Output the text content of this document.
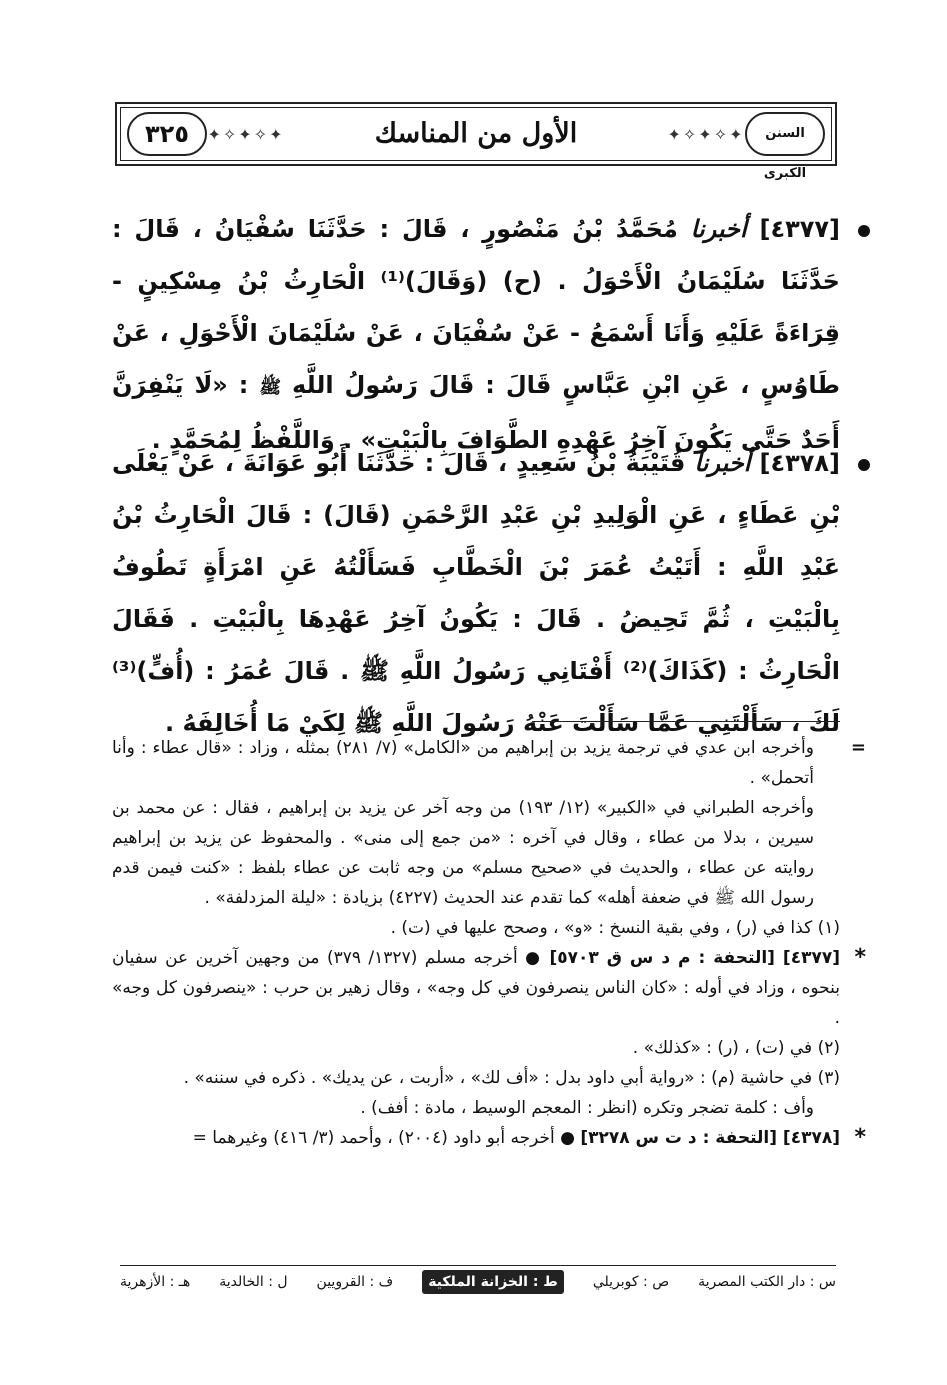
السنن الكبرى
✦✧✦✧✦
الأول من المناسك
✦✧✦✧✦
٣٢٥
[٤٣٧٧] أخبرنا مُحَمَّدُ بْنُ مَنْصُورٍ ، قَالَ : حَدَّثَنَا سُفْيَانُ ، قَالَ : حَدَّثَنَا سُلَيْمَانُ الْأَحْوَلُ . (ح) (وَقَالَ)⁽¹⁾ الْحَارِثُ بْنُ مِسْكِينٍ - قِرَاءَةً عَلَيْهِ وَأَنَا أَسْمَعُ - عَنْ سُفْيَانَ ، عَنْ سُلَيْمَانَ الْأَحْوَلِ ، عَنْ طَاوُسٍ ، عَنِ ابْنِ عَبَّاسٍ قَالَ : قَالَ رَسُولُ اللَّهِ ﷺ : «لَا يَنْفِرَنَّ أَحَدٌ حَتَّى يَكُونَ آخِرُ عَهْدِهِ الطَّوَافَ بِالْبَيْتِ» . وَاللَّفْظُ لِمُحَمَّدٍ .
[٤٣٧٨] أخبرنا قُتَيْبَةُ بْنُ سَعِيدٍ ، قَالَ : حَدَّثَنَا أَبُو عَوَانَةَ ، عَنْ يَعْلَى بْنِ عَطَاءٍ ، عَنِ الْوَلِيدِ بْنِ عَبْدِ الرَّحْمَنِ (قَالَ) : قَالَ الْحَارِثُ بْنُ عَبْدِ اللَّهِ : أَتَيْتُ عُمَرَ بْنَ الْخَطَّابِ فَسَأَلْتُهُ عَنِ امْرَأَةٍ تَطُوفُ بِالْبَيْتِ ، ثُمَّ تَحِيضُ . قَالَ : يَكُونُ آخِرُ عَهْدِهَا بِالْبَيْتِ . فَقَالَ الْحَارِثُ : (كَذَاكَ)⁽²⁾ أَفْتَانِي رَسُولُ اللَّهِ ﷺ . قَالَ عُمَرُ : (أُفٍّ)⁽³⁾ لَكَ ، سَأَلْتَنِي عَمَّا سَأَلْتَ عَنْهُ رَسُولَ اللَّهِ ﷺ لِكَيْ مَا أُخَالِفَهُ .
=
وأخرجه ابن عدي في ترجمة يزيد بن إبراهيم من «الكامل» (٧/ ٢٨١) بمثله ، وزاد : «قال عطاء : وأنا أتحمل» .
وأخرجه الطبراني في «الكبير» (١٢/ ١٩٣) من وجه آخر عن يزيد بن إبراهيم ، فقال : عن محمد بن سيرين ، بدلا من عطاء ، وقال في آخره : «من جمع إلى منى» . والمحفوظ عن يزيد بن إبراهيم روايته عن عطاء ، والحديث في «صحيح مسلم» من وجه ثابت عن عطاء بلفظ : «كنت فيمن قدم رسول الله ﷺ في ضعفة أهله» كما تقدم عند الحديث (٤٢٢٧) بزيادة : «ليلة المزدلفة» .
(١) كذا في (ر) ، وفي بقية النسخ : «و» ، وصحح عليها في (ت) .
*
[٤٣٧٧] [التحفة : م د س ق ٥٧٠٣] ● أخرجه مسلم (١٣٢٧/ ٣٧٩) من وجهين آخرين عن سفيان بنحوه ، وزاد في أوله : «كان الناس ينصرفون في كل وجه» ، وقال زهير بن حرب : «ينصرفون كل وجه» .
(٢) في (ت) ، (ر) : «كذلك» .
(٣) في حاشية (م) : «رواية أبي داود بدل : «أف لك» ، «أربت ، عن يديك» . ذكره في سننه» .
وأف : كلمة تضجر وتكره (انظر : المعجم الوسيط ، مادة : أفف) .
*
[٤٣٧٨] [التحفة : د ت س ٣٢٧٨] ● أخرجه أبو داود (٢٠٠٤) ، وأحمد (٣/ ٤١٦) وغيرهما =
س : دار الكتب المصرية
ص : كوبريلي
ط : الخزانة الملكية
ف : القرويين
ل : الخالدية
هـ : الأزهرية
